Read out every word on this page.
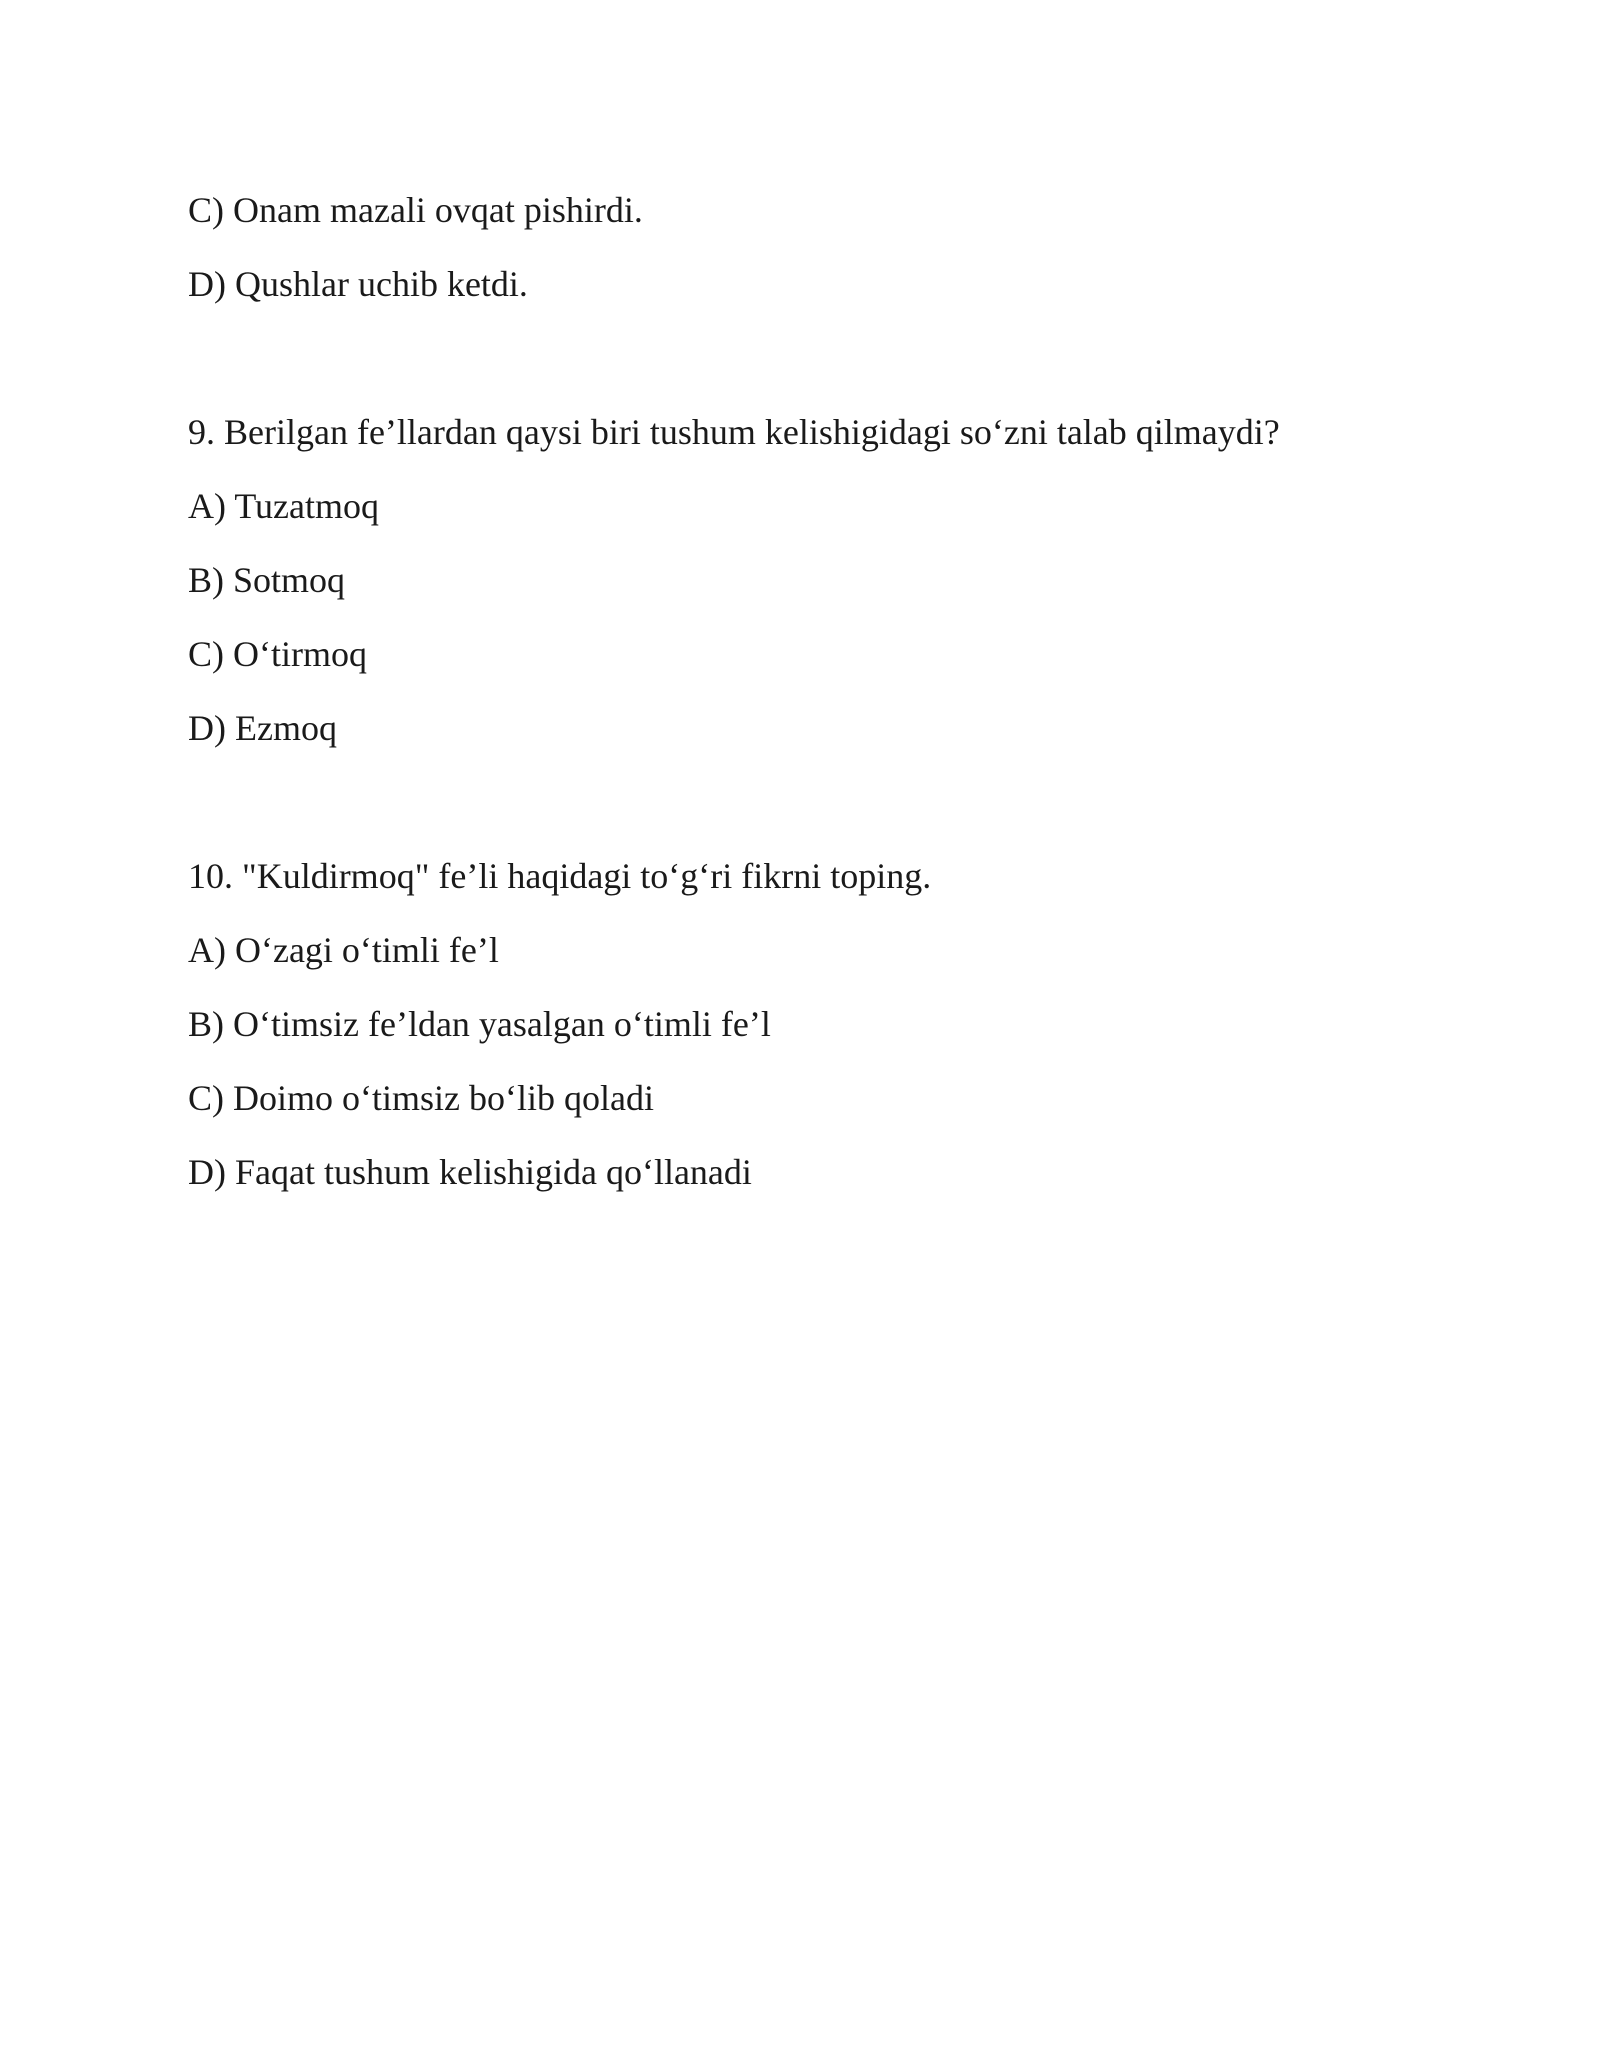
C) Onam mazali ovqat pishirdi.
D) Qushlar uchib ketdi.
9. Berilgan fe’llardan qaysi biri tushum kelishigidagi so‘zni talab qilmaydi?
A) Tuzatmoq
B) Sotmoq
C) O‘tirmoq
D) Ezmoq
10. "Kuldirmoq" fe’li haqidagi to‘g‘ri fikrni toping.
A) O‘zagi o‘timli fe’l
B) O‘timsiz fe’ldan yasalgan o‘timli fe’l
C) Doimo o‘timsiz bo‘lib qoladi
D) Faqat tushum kelishigida qo‘llanadi
